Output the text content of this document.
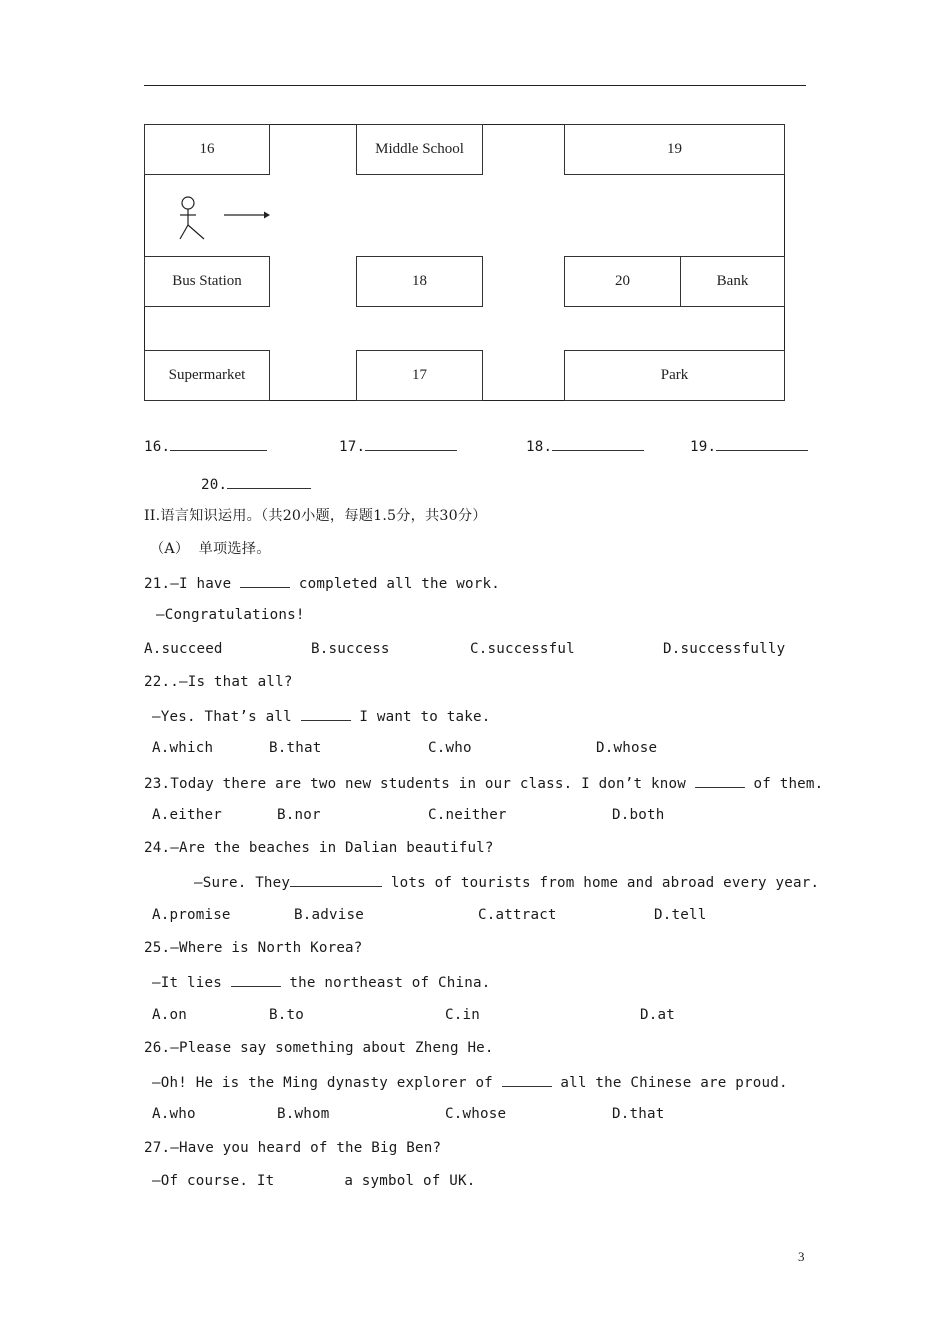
16	Middle School	19
Bus Station	18	20	Bank
Supermarket	17	Park
16.	17.	18.	19.
20.
II.语言知识运用。（共20小题，每题1.5分，共30分）
（A）  单项选择。
21.—I have	completed all the work.
—Congratulations!
A.succeed	B.success	C.successful	D.successfully
22..—Is that all?
—Yes. That’s all	I want to take.
A.which	B.that	C.who	D.whose
23.Today there are two new students in our class. I don’t know	of them.
A.either	B.nor	C.neither	D.both
24.—Are the beaches in Dalian beautiful?
—Sure. They	lots of tourists from home and abroad every year.
A.promise	B.advise	C.attract	D.tell
25.—Where is North Korea?
—It lies	the northeast of China.
A.on	B.to	C.in	D.at
26.—Please say something about Zheng He.
—Oh! He is the Ming dynasty explorer of	all the Chinese are proud.
A.who	B.whom	C.whose	D.that
27.—Have you heard of the Big Ben?
—Of course. It        a symbol of UK.
3
